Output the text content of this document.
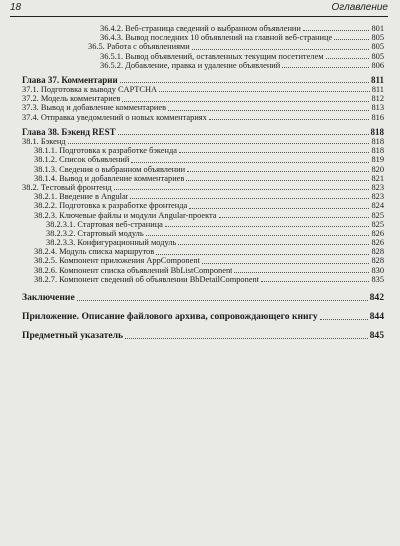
18	Оглавление
36.4.2. Веб-страница сведений о выбранном объявлении	801
36.4.3. Вывод последних 10 объявлений на главной веб-странице	805
36.5. Работа с объявлениями	805
36.5.1. Вывод объявлений, оставленных текущим посетителем	805
36.5.2. Добавление, правка и удаление объявлений	806
Глава 37. Комментарии	811
37.1. Подготовка к выводу CAPTCHA	811
37.2. Модель комментариев	812
37.3. Вывод и добавление комментариев	813
37.4. Отправка уведомлений о новых комментариях	816
Глава 38. Бэкенд REST	818
38.1. Бэкенд	818
38.1.1. Подготовка к разработке бэкенда	818
38.1.2. Список объявлений	819
38.1.3. Сведения о выбранном объявлении	820
38.1.4. Вывод и добавление комментариев	821
38.2. Тестовый фронтенд	823
38.2.1. Введение в Angular	823
38.2.2. Подготовка к разработке фронтенда	824
38.2.3. Ключевые файлы и модули Angular-проекта	825
38.2.3.1. Стартовая веб-страница	825
38.2.3.2. Стартовый модуль	826
38.2.3.3. Конфигурационный модуль	826
38.2.4. Модуль списка маршрутов	828
38.2.5. Компонент приложения AppComponent	828
38.2.6. Компонент списка объявлений BbListComponent	830
38.2.7. Компонент сведений об объявлении BbDetailComponent	835
Заключение	842
Приложение. Описание файлового архива, сопровождающего книгу	844
Предметный указатель	845
